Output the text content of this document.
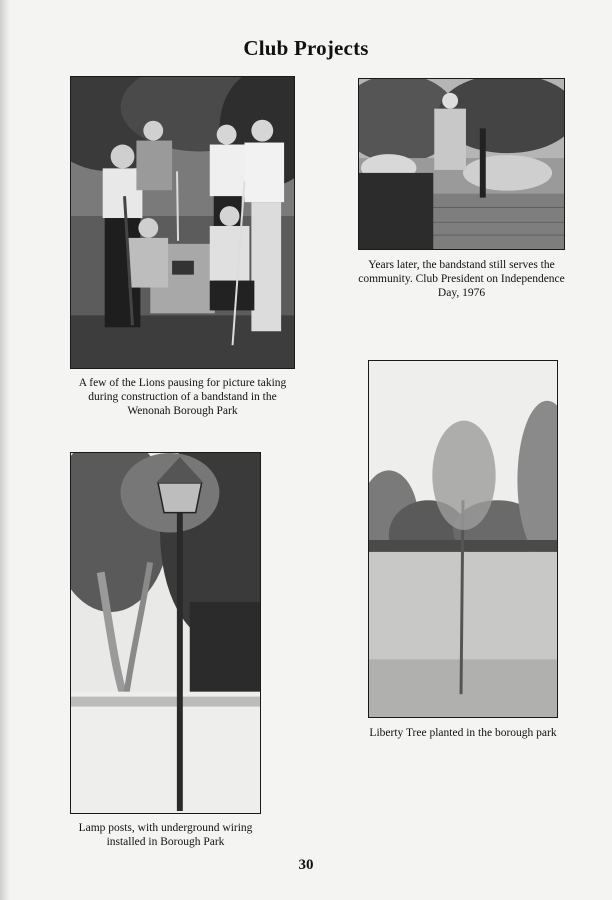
Club Projects
A few of the Lions pausing for picture taking during construction of a bandstand in the Wenonah Borough Park
Years later, the bandstand still serves the community. Club President on Independence Day, 1976
Lamp posts, with underground wiring installed in Borough Park
Liberty Tree planted in the borough park
30
